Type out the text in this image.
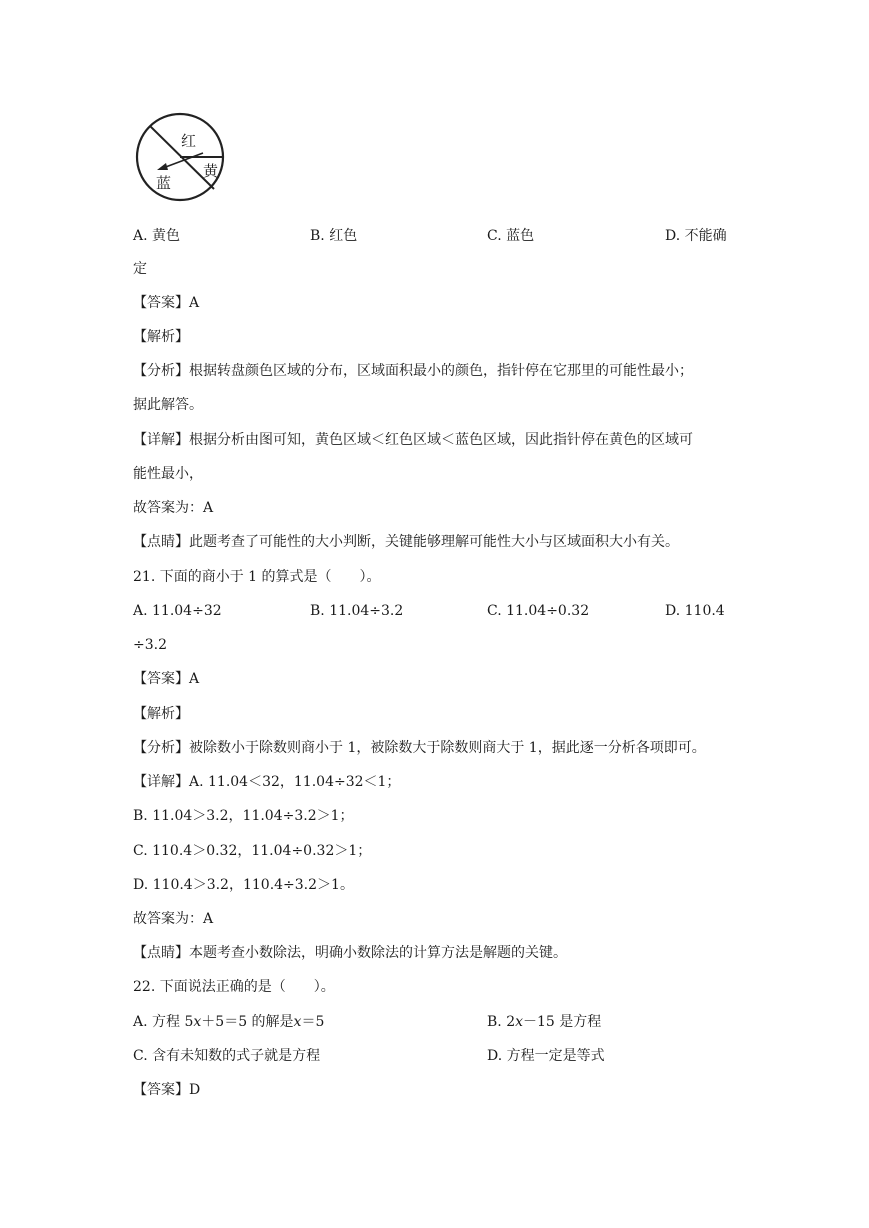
红
黄
蓝
A. 黄色	B. 红色	C. 蓝色	D. 不能确
定
【答案】A
【解析】
【分析】根据转盘颜色区域的分布，区域面积最小的颜色，指针停在它那里的可能性最小；
据此解答。
【详解】根据分析由图可知，黄色区域＜红色区域＜蓝色区域，因此指针停在黄色的区域可
能性最小，
故答案为：A
【点睛】此题考查了可能性的大小判断，关键能够理解可能性大小与区域面积大小有关。
21. 下面的商小于 1 的算式是（　　）。
A. 11.04÷32	B. 11.04÷3.2	C. 11.04÷0.32	D. 110.4
÷3.2
【答案】A
【解析】
【分析】被除数小于除数则商小于 1，被除数大于除数则商大于 1，据此逐一分析各项即可。
【详解】A. 11.04＜32，11.04÷32＜1；
B. 11.04＞3.2，11.04÷3.2＞1；
C. 110.4＞0.32，11.04÷0.32＞1；
D. 110.4＞3.2，110.4÷3.2＞1。
故答案为：A
【点睛】本题考查小数除法，明确小数除法的计算方法是解题的关键。
22. 下面说法正确的是（　　）。
A. 方程 5x＋5＝5 的解是x＝5	B. 2x－15 是方程
C. 含有未知数的式子就是方程	D. 方程一定是等式
【答案】D
